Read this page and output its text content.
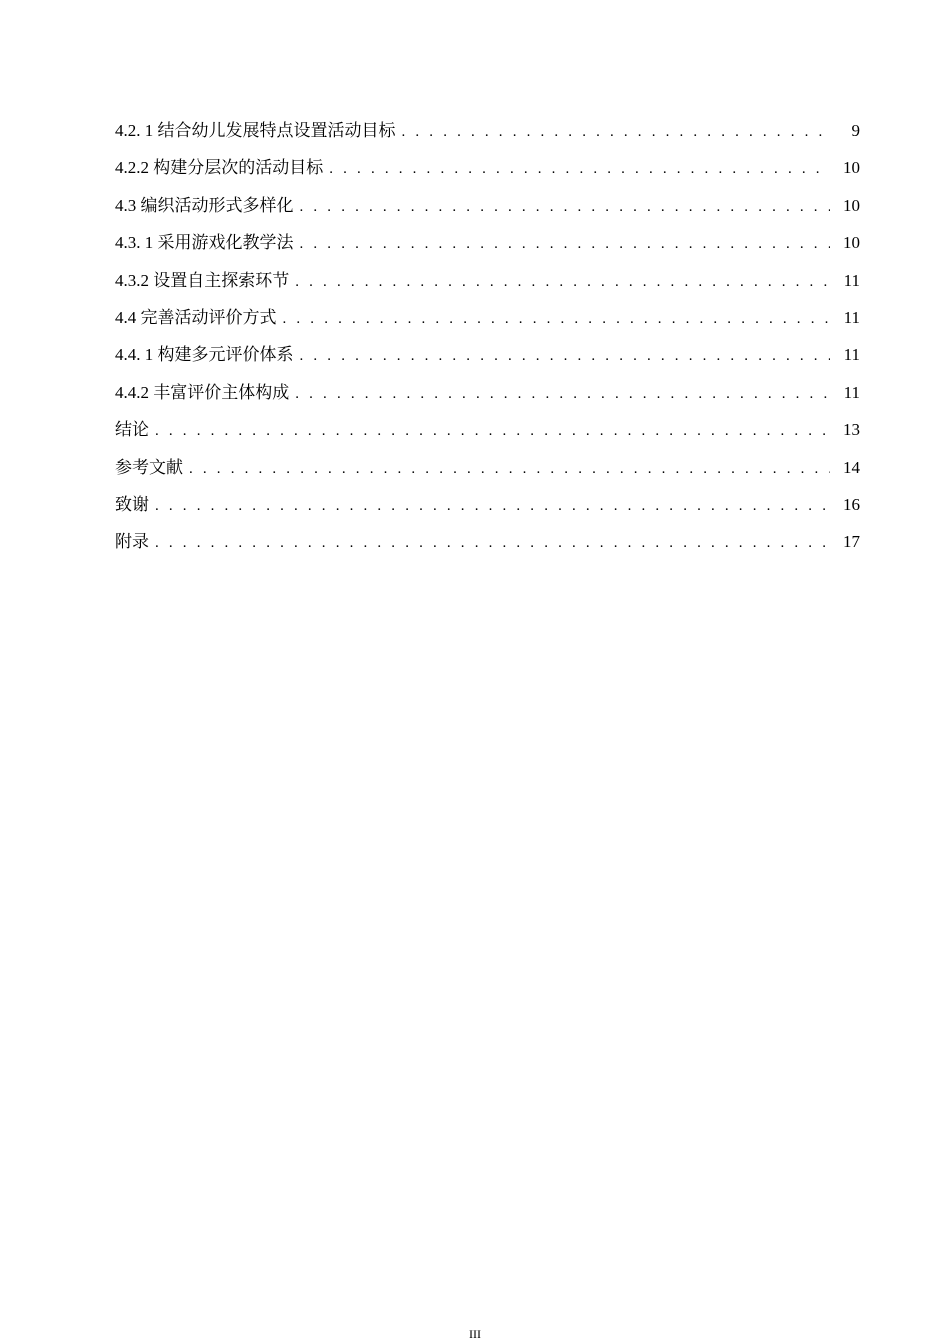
4.2. 1 结合幼儿发展特点设置活动目标 . . .	9
4.2.2 构建分层次的活动目标 . . .	10
4.3 编织活动形式多样化 . . .	10
4.3. 1 采用游戏化教学法 . . .	10
4.3.2 设置自主探索环节 . . .	11
4.4 完善活动评价方式 . . .	11
4.4. 1 构建多元评价体系 . . .	11
4.4.2 丰富评价主体构成 . . .	11
结论 . . .	13
参考文献 . . .	14
致谢 . . .	16
附录 . . .	17
III
